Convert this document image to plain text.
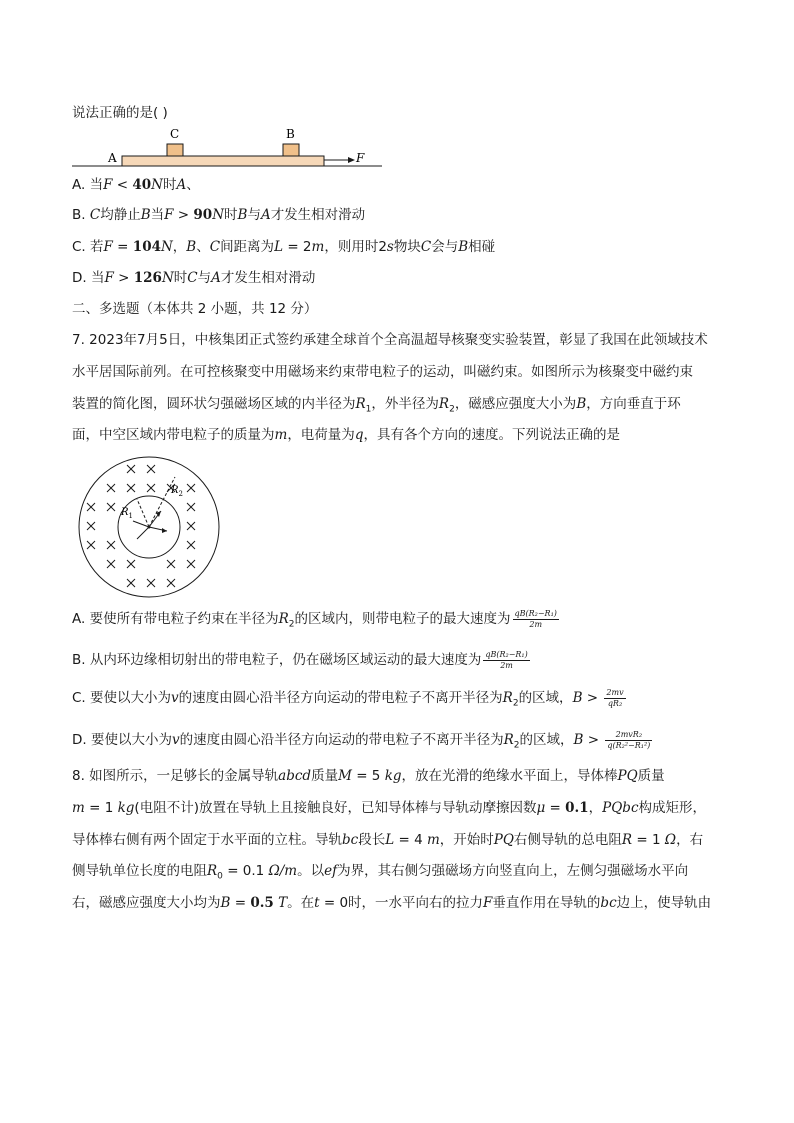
说法正确的是( )
A
C	B
F
A. 当F < 40N时A、
B. C均静止B当F > 90N时B与A才发生相对滑动
C. 若F = 104N，B、C间距离为L = 2m，则用时2s物块C会与B相碰
D. 当F > 126N时C与A才发生相对滑动
二、多选题（本体共 2 小题，共 12 分）
7. 2023年7月5日，中核集团正式签约承建全球首个全高温超导核聚变实验装置，彰显了我国在此领域技术
水平居国际前列。在可控核聚变中用磁场来约束带电粒子的运动，叫磁约束。如图所示为核聚变中磁约束
装置的简化图，圆环状匀强磁场区域的内半径为$R_1$，外半径为$R_2$，磁感应强度大小为B，方向垂直于环
面，中空区域内带电粒子的质量为m，电荷量为q，具有各个方向的速度。下列说法正确的是
$R_1$
$R_2$
A. 要使所有带电粒子约束在半径为$R_2$的区域内，则带电粒子的最大速度为 $\frac{\text{qB(R₂−R₁)}}{2m}$
B. 从内环边缘相切射出的带电粒子，仍在磁场区域运动的最大速度为 $\frac{\text{qB(R₂−R₁)}}{2m}$
C. 要使以大小为v的速度由圆心沿半径方向运动的带电粒子不离开半径为$R_2$的区域，$B > \frac{2mv}{\text{qR₂}}$
D. 要使以大小为v的速度由圆心沿半径方向运动的带电粒子不离开半径为$R_2$的区域，$B > \frac{\text{2mvR₂}}{\text{q(R₂²−R₁²)}}$
8. 如图所示，一足够长的金属导轨abcd质量M = 5 kg，放在光滑的绝缘水平面上，导体棒PQ质量
m = 1 kg(电阻不计)放置在导轨上且接触良好，已知导体棒与导轨动摩擦因数μ = 0.1，PQbc构成矩形，
导体棒右侧有两个固定于水平面的立柱。导轨bc段长L = 4 m，开始时PQ右侧导轨的总电阻R = 1 Ω，右
侧导轨单位长度的电阻$R_0 = 0.1$ Ω/m。以ef为界，其右侧匀强磁场方向竖直向上，左侧匀强磁场水平向
右，磁感应强度大小均为B = 0.5 T。在t = 0时，一水平向右的拉力F垂直作用在导轨的bc边上，使导轨由
